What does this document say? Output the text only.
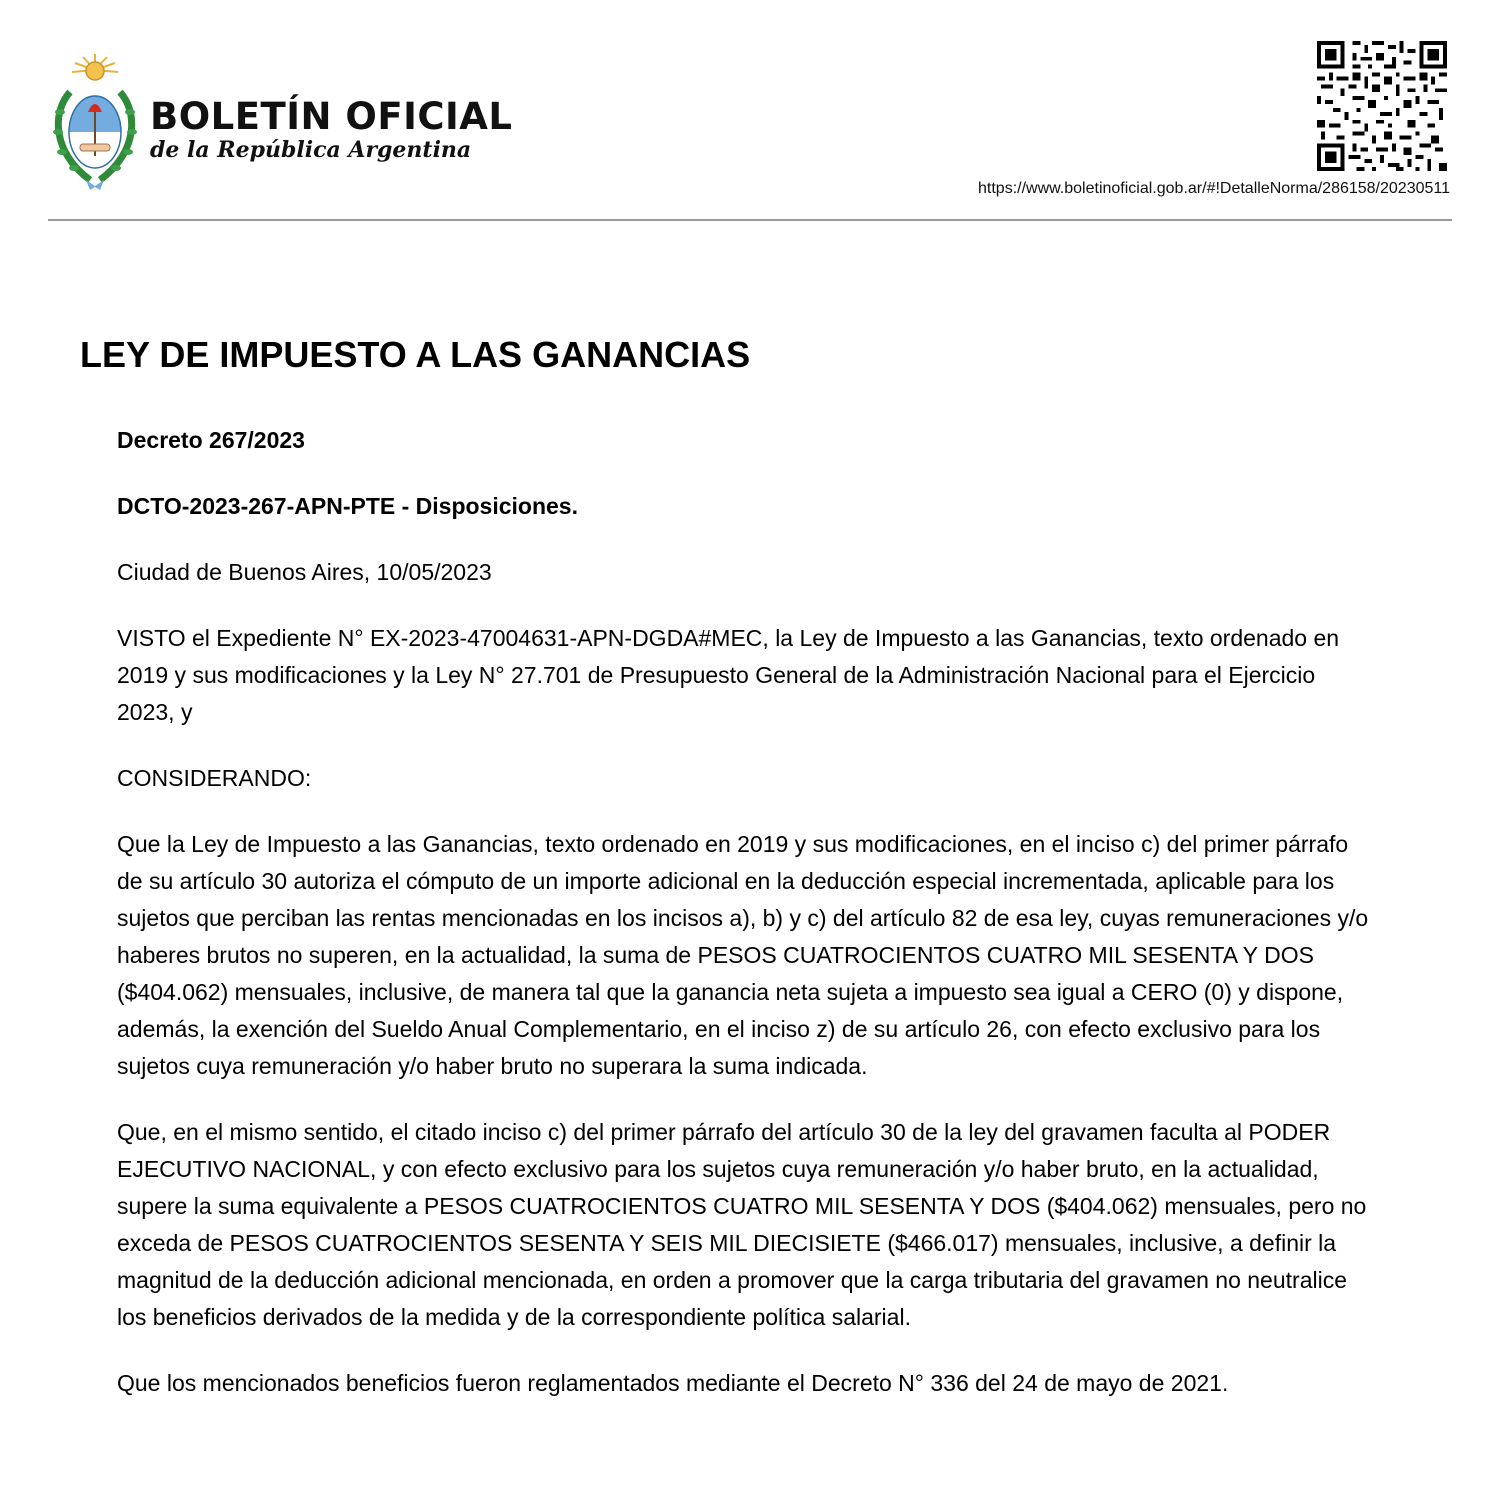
BOLETÍN OFICIAL
de la República Argentina
https://www.boletinoficial.gob.ar/#!DetalleNorma/286158/20230511
LEY DE IMPUESTO A LAS GANANCIAS

Decreto 267/2023

DCTO-2023-267-APN-PTE - Disposiciones.

Ciudad de Buenos Aires, 10/05/2023

VISTO el Expediente N° EX-2023-47004631-APN-DGDA#MEC, la Ley de Impuesto a las Ganancias, texto ordenado en 2019 y sus modificaciones y la Ley N° 27.701 de Presupuesto General de la Administración Nacional para el Ejercicio 2023, y

CONSIDERANDO:

Que la Ley de Impuesto a las Ganancias, texto ordenado en 2019 y sus modificaciones, en el inciso c) del primer párrafo de su artículo 30 autoriza el cómputo de un importe adicional en la deducción especial incrementada, aplicable para los sujetos que perciban las rentas mencionadas en los incisos a), b) y c) del artículo 82 de esa ley, cuyas remuneraciones y/o haberes brutos no superen, en la actualidad, la suma de PESOS CUATROCIENTOS CUATRO MIL SESENTA Y DOS ($404.062) mensuales, inclusive, de manera tal que la ganancia neta sujeta a impuesto sea igual a CERO (0) y dispone, además, la exención del Sueldo Anual Complementario, en el inciso z) de su artículo 26, con efecto exclusivo para los sujetos cuya remuneración y/o haber bruto no superara la suma indicada.

Que, en el mismo sentido, el citado inciso c) del primer párrafo del artículo 30 de la ley del gravamen faculta al PODER EJECUTIVO NACIONAL, y con efecto exclusivo para los sujetos cuya remuneración y/o haber bruto, en la actualidad, supere la suma equivalente a PESOS CUATROCIENTOS CUATRO MIL SESENTA Y DOS ($404.062) mensuales, pero no exceda de PESOS CUATROCIENTOS SESENTA Y SEIS MIL DIECISIETE ($466.017) mensuales, inclusive, a definir la magnitud de la deducción adicional mencionada, en orden a promover que la carga tributaria del gravamen no neutralice los beneficios derivados de la medida y de la correspondiente política salarial.

Que los mencionados beneficios fueron reglamentados mediante el Decreto N° 336 del 24 de mayo de 2021.
